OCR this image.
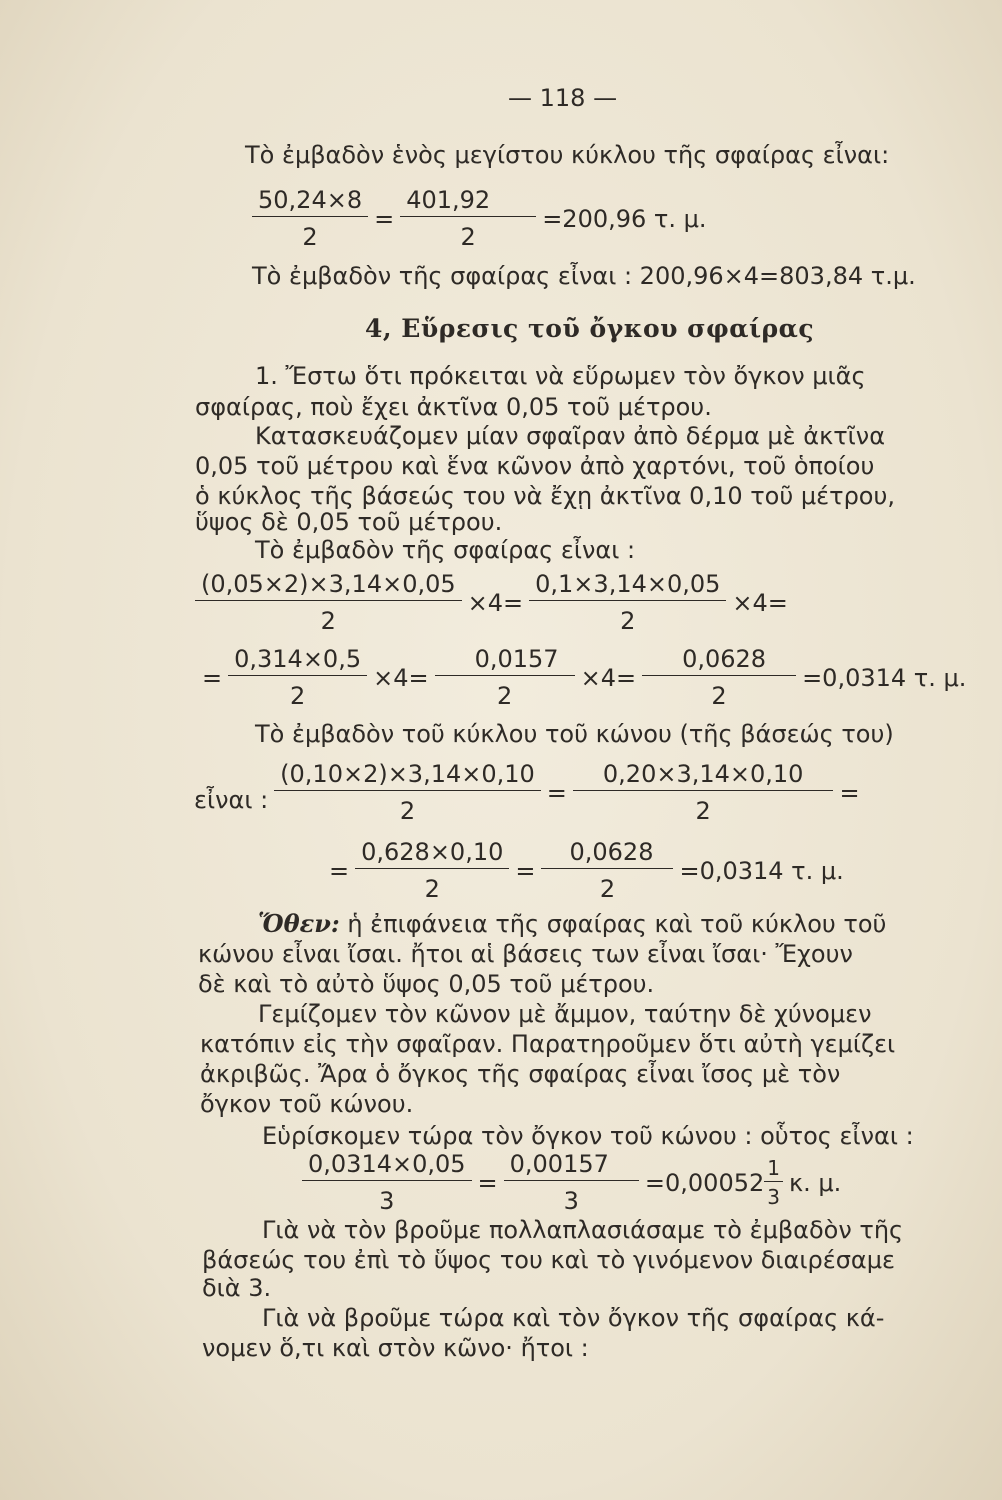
— 118 —
Τὸ ἐμβαδὸν ἑνὸς μεγίστου κύκλου τῆς σφαίρας εἶναι:
$\frac{50,24\times 8}{2} = \frac{401,92}{2} =200,96$ τ. μ.
Τὸ ἐμβαδὸν τῆς σφαίρας εἶναι : 200,96×4=803,84 τ.μ.
4, Εὕρεσις τοῦ ὄγκου σφαίρας
1. Ἔστω ὅτι πρόκειται νὰ εὕρωμεν τὸν ὄγκον μιᾶς
σφαίρας, ποὺ ἔχει ἀκτῖνα 0,05 τοῦ μέτρου.
Κατασκευάζομεν μίαν σφαῖραν ἀπὸ δέρμα μὲ ἀκτῖνα
0,05 τοῦ μέτρου καὶ ἕνα κῶνον ἀπὸ χαρτόνι, τοῦ ὁποίου
ὁ κύκλος τῆς βάσεώς του νὰ ἔχῃ ἀκτῖνα 0,10 τοῦ μέτρου,
ὕψος δὲ 0,05 τοῦ μέτρου.
Τὸ ἐμβαδὸν τῆς σφαίρας εἶναι :
$\frac{(0,05\times 2)\times 3,14\times 0,05}{2} \times 4= \frac{0,1\times 3,14\times 0,05}{2} \times 4=$
= $\frac{0,314\times 0,5}{2} \times 4= \frac{0,0157}{2} \times 4= \frac{0,0628}{2} =0,0314$ τ. μ.
Τὸ ἐμβαδὸν τοῦ κύκλου τοῦ κώνου (τῆς βάσεώς του)
εἶναι : $\frac{(0,10\times 2)\times 3,14\times 0,10}{2} = \frac{0,20\times 3,14\times 0,10}{2}$ =
= $\frac{0,628\times 0,10}{2} = \frac{0,0628}{2} =0,0314$ τ. μ.
Ὅθεν: ἡ ἐπιφάνεια τῆς σφαίρας καὶ τοῦ κύκλου τοῦ
κώνου εἶναι ἴσαι. ἤτοι αἱ βάσεις των εἶναι ἴσαι· Ἔχουν
δὲ καὶ τὸ αὐτὸ ὕψος 0,05 τοῦ μέτρου.
Γεμίζομεν τὸν κῶνον μὲ ἄμμον, ταύτην δὲ χύνομεν
κατόπιν εἰς τὴν σφαῖραν. Παρατηροῦμεν ὅτι αὐτὴ γεμίζει
ἀκριβῶς. Ἄρα ὁ ὄγκος τῆς σφαίρας εἶναι ἴσος μὲ τὸν
ὄγκον τοῦ κώνου.
Εὑρίσκομεν τώρα τὸν ὄγκον τοῦ κώνου : οὗτος εἶναι :
$\frac{0,0314\times 0,05}{3} = \frac{0,00157}{3} =0,00052 \frac{1}{3} \kappa$. μ.
Γιὰ νὰ τὸν βροῦμε πολλαπλασιάσαμε τὸ ἐμβαδὸν τῆς
βάσεώς του ἐπὶ τὸ ὕψος του καὶ τὸ γινόμενον διαιρέσαμε
διὰ 3.
Γιὰ νὰ βροῦμε τώρα καὶ τὸν ὄγκον τῆς σφαίρας κά-
νομεν ὅ,τι καὶ στὸν κῶνο· ἤτοι :
